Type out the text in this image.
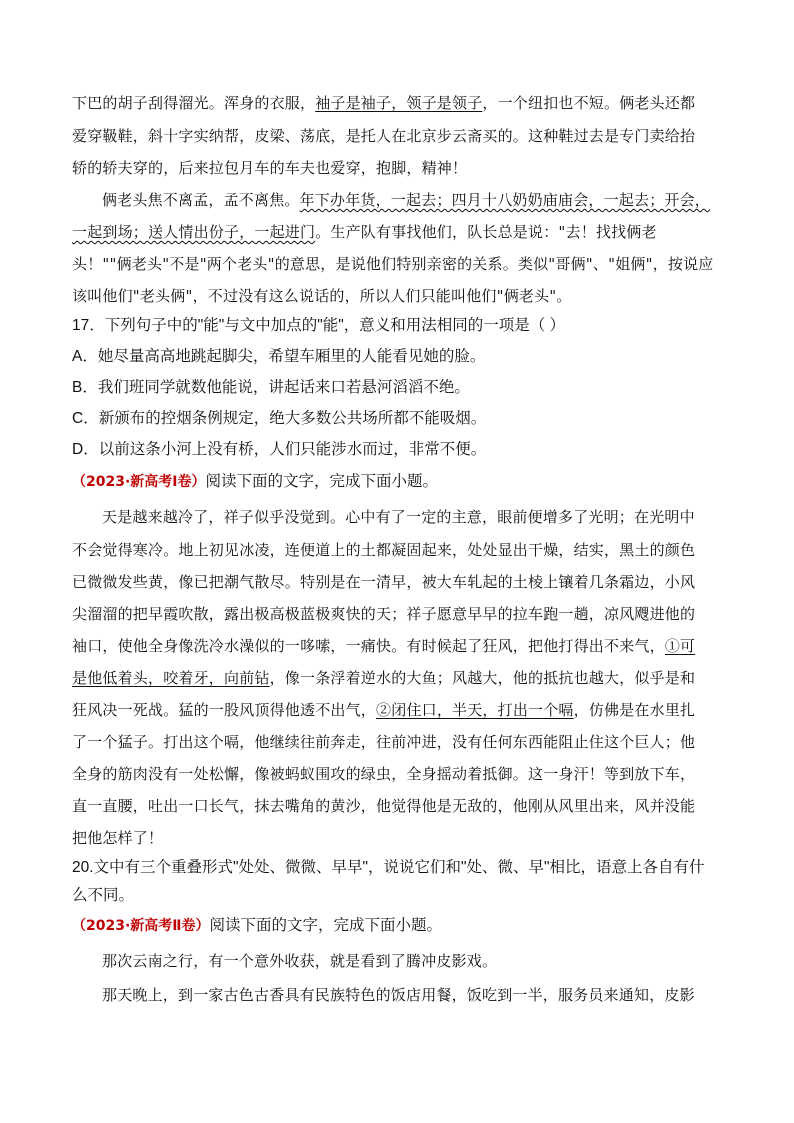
下巴的胡子刮得溜光。浑身的衣服，袖子是袖子，领子是领子，一个纽扣也不短。俩老头还都
爱穿靸鞋，斜十字实纳帮，皮梁、荡底，是托人在北京步云斋买的。这种鞋过去是专门卖给抬
轿的轿夫穿的，后来拉包月车的车夫也爱穿，抱脚，精神！
俩老头焦不离孟，孟不离焦。年下办年货，一起去；四月十八奶奶庙庙会，一起去；开会，
一起到场；送人情出份子，一起进门。生产队有事找他们，队长总是说："去！找找俩老
头！""俩老头"不是"两个老头"的意思，是说他们特别亲密的关系。类似"哥俩"、"姐俩"，按说应
该叫他们"老头俩"，不过没有这么说话的，所以人们只能叫他们"俩老头"。
17．下列句子中的"能"与文中加点的"能"，意义和用法相同的一项是（ ）
A．她尽量高高地跳起脚尖，希望车厢里的人能看见她的脸。
B．我们班同学就数他能说，讲起话来口若悬河滔滔不绝。
C．新颁布的控烟条例规定，绝大多数公共场所都不能吸烟。
D．以前这条小河上没有桥，人们只能涉水而过，非常不便。
（2023·新高考Ⅰ卷）阅读下面的文字，完成下面小题。
天是越来越冷了，祥子似乎没觉到。心中有了一定的主意，眼前便增多了光明；在光明中
不会觉得寒冷。地上初见冰凌，连便道上的土都凝固起来，处处显出干燥，结实，黑土的颜色
已微微发些黄，像已把潮气散尽。特别是在一清早，被大车轧起的土棱上镶着几条霜边，小风
尖溜溜的把早霞吹散，露出极高极蓝极爽快的天；祥子愿意早早的拉车跑一趟，凉风飕进他的
袖口，使他全身像洗冷水澡似的一哆嗦，一痛快。有时候起了狂风，把他打得出不来气，①可
是他低着头，咬着牙，向前钻，像一条浮着逆水的大鱼；风越大，他的抵抗也越大，似乎是和
狂风决一死战。猛的一股风顶得他透不出气，②闭住口，半天，打出一个嗝，仿佛是在水里扎
了一个猛子。打出这个嗝，他继续往前奔走，往前冲进，没有任何东西能阻止住这个巨人；他
全身的筋肉没有一处松懈，像被蚂蚁围攻的绿虫，全身摇动着抵御。这一身汗！等到放下车，
直一直腰，吐出一口长气，抹去嘴角的黄沙，他觉得他是无敌的，他刚从风里出来，风并没能
把他怎样了！
20.文中有三个重叠形式"处处、微微、早早"，说说它们和"处、微、早"相比，语意上各自有什
么不同。
（2023·新高考Ⅱ卷）阅读下面的文字，完成下面小题。
那次云南之行，有一个意外收获，就是看到了腾冲皮影戏。
那天晚上，到一家古色古香具有民族特色的饭店用餐，饭吃到一半，服务员来通知，皮影
